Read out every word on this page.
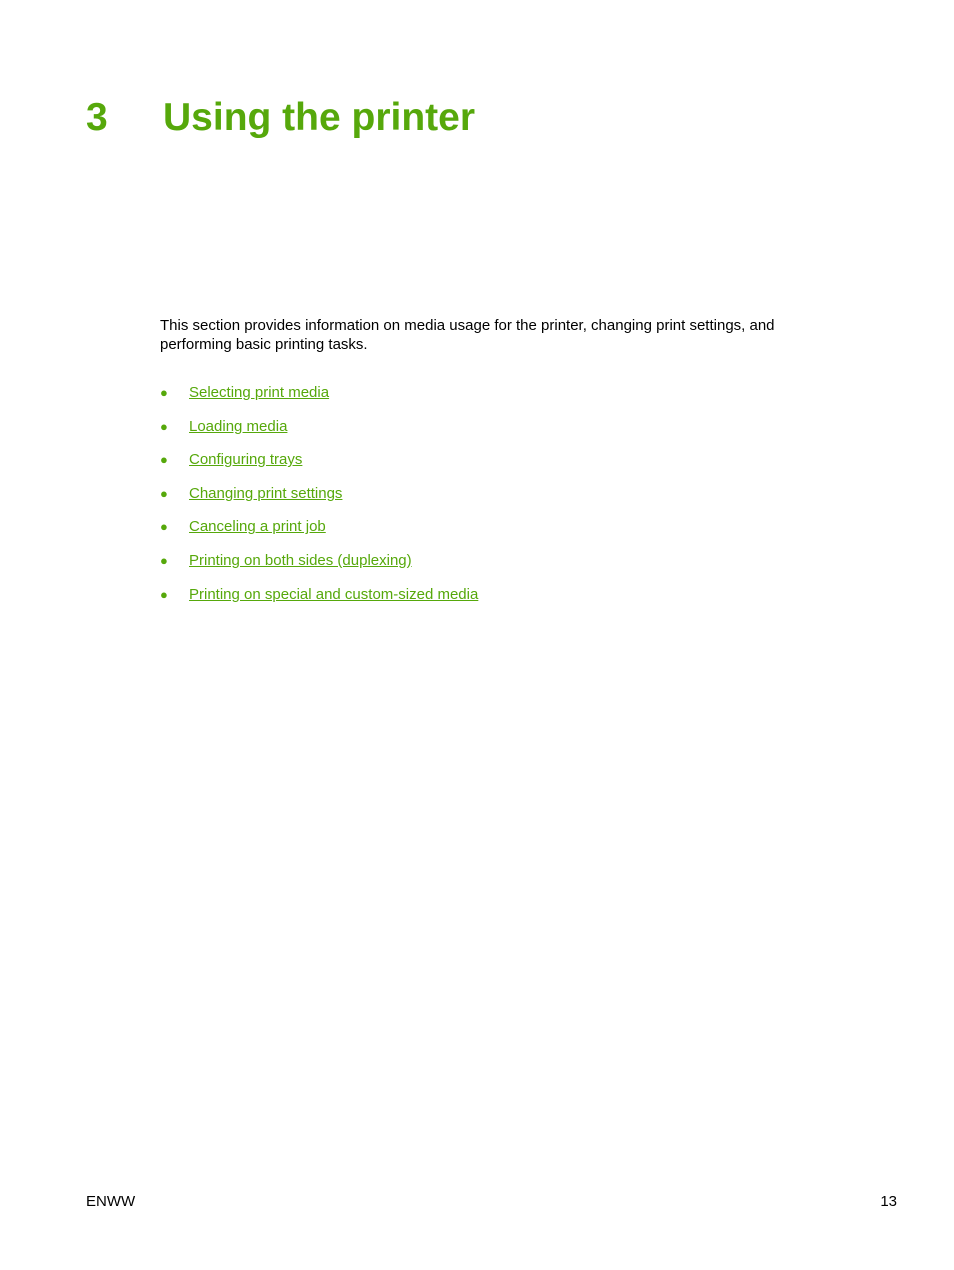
3 Using the printer

This section provides information on media usage for the printer, changing print settings, and performing basic printing tasks.

●	Selecting print media
●	Loading media
●	Configuring trays
●	Changing print settings
●	Canceling a print job
●	Printing on both sides (duplexing)
●	Printing on special and custom-sized media
ENWW	13
